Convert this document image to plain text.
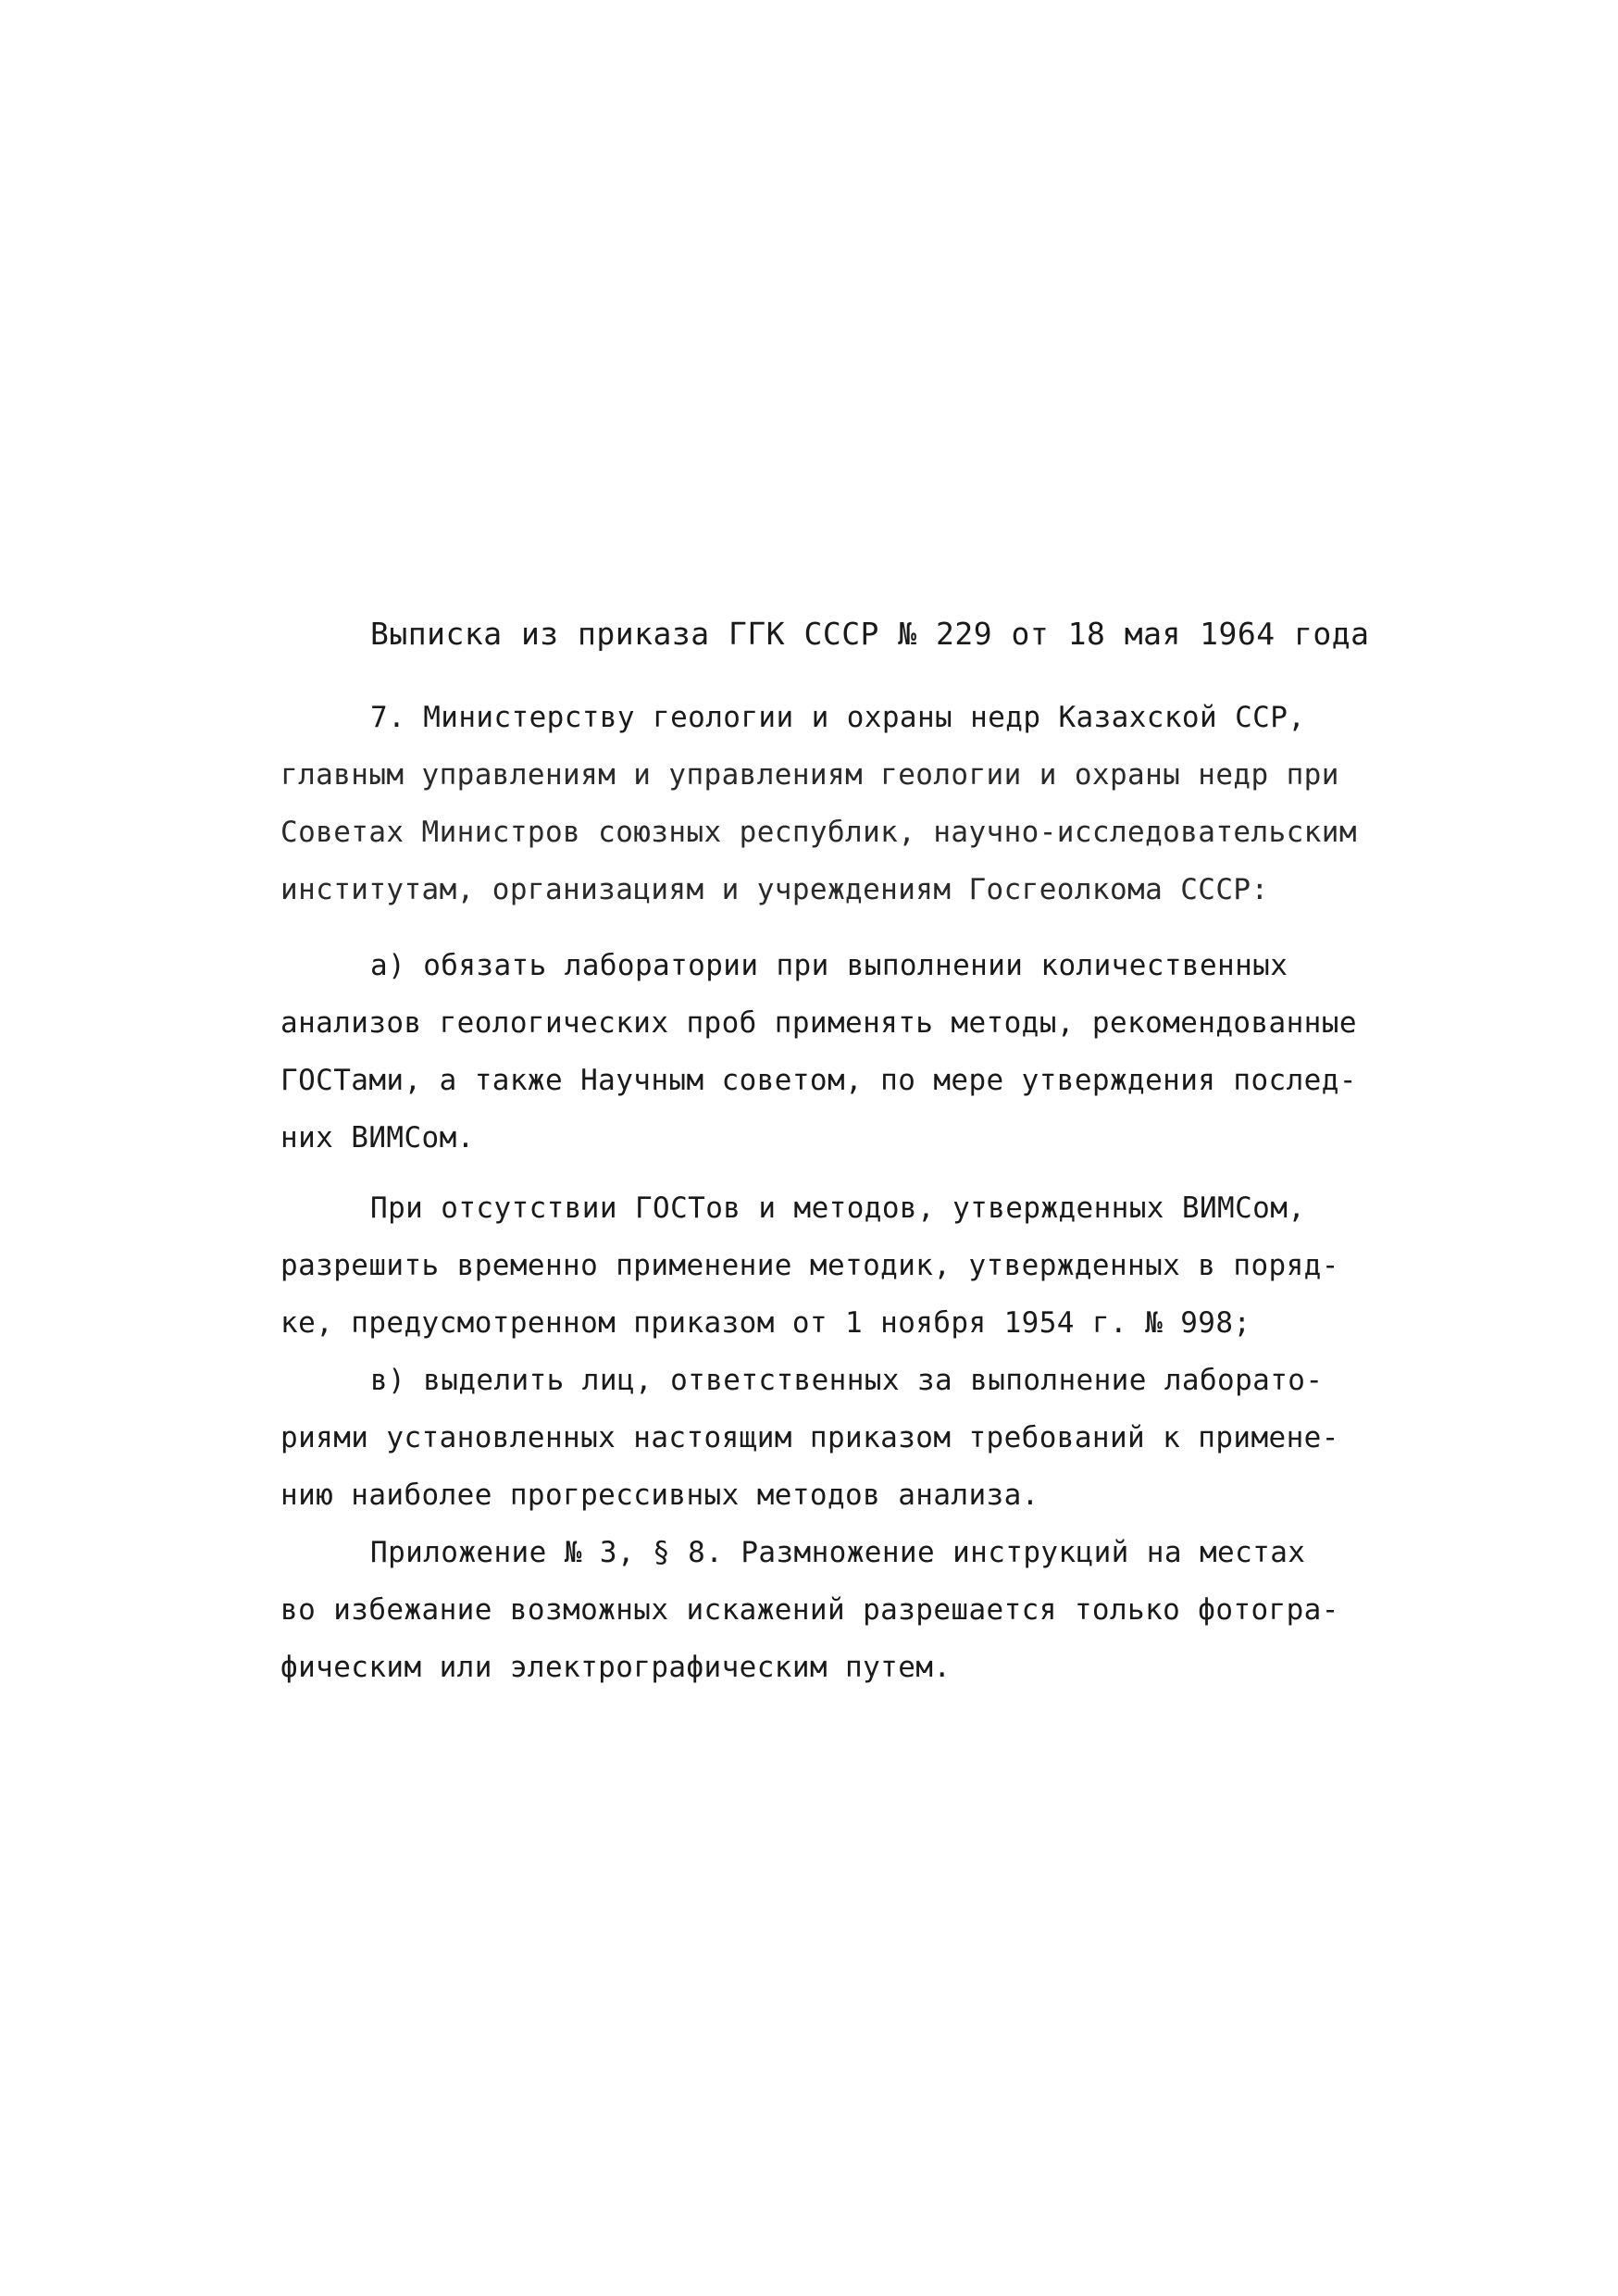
Выписка из приказа ГГК СССР № 229 от 18 мая 1964 года

7. Министерству геологии и охраны недр Казахской ССР,

главным управлениям и управлениям геологии и охраны недр при

Советах Министров союзных республик, научно-исследовательским

институтам, организациям и учреждениям Госгеолкома СССР:

а) обязать лаборатории при выполнении количественных

анализов геологических проб применять методы, рекомендованные

ГОСТами, а также Научным советом, по мере утверждения послед-

них ВИМСом.

При отсутствии ГОСТов и методов, утвержденных ВИМСом,

разрешить временно применение методик, утвержденных в поряд-

ке, предусмотренном приказом от 1 ноября 1954 г. № 998;

в) выделить лиц, ответственных за выполнение лаборато-

риями установленных настоящим приказом требований к примене-

нию наиболее прогрессивных методов анализа.

Приложение № 3, § 8. Размножение инструкций на местах

во избежание возможных искажений разрешается только фотогра-

фическим или электрографическим путем.
